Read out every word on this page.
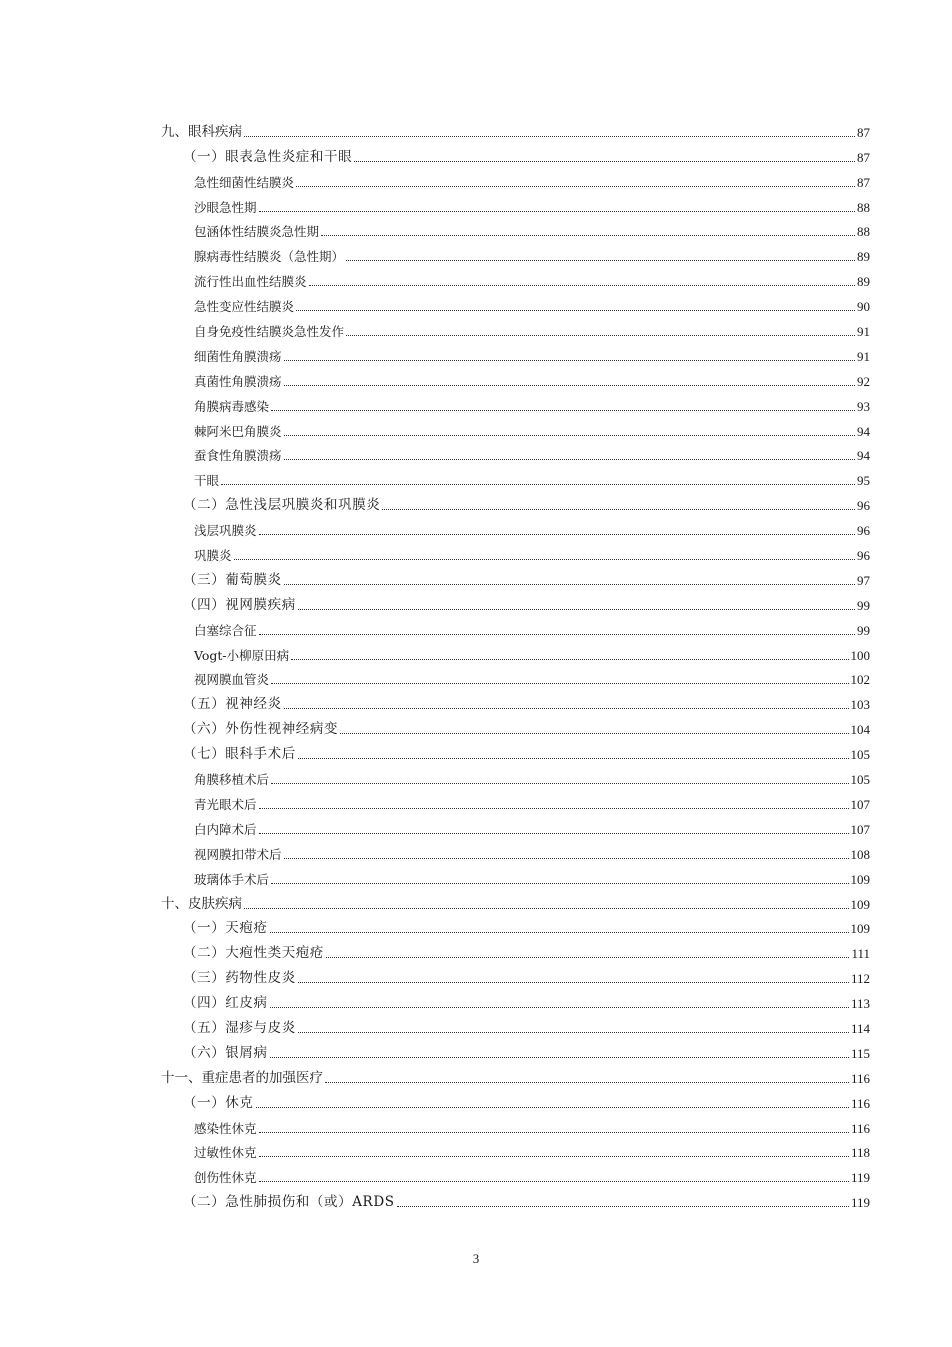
九、眼科疾病	87
（一）眼表急性炎症和干眼	87
急性细菌性结膜炎	87
沙眼急性期	88
包涵体性结膜炎急性期	88
腺病毒性结膜炎（急性期）	89
流行性出血性结膜炎	89
急性变应性结膜炎	90
自身免疫性结膜炎急性发作	91
细菌性角膜溃疡	91
真菌性角膜溃疡	92
角膜病毒感染	93
棘阿米巴角膜炎	94
蚕食性角膜溃疡	94
干眼	95
（二）急性浅层巩膜炎和巩膜炎	96
浅层巩膜炎	96
巩膜炎	96
（三）葡萄膜炎	97
（四）视网膜疾病	99
白塞综合征	99
Vogt-小柳原田病	100
视网膜血管炎	102
（五）视神经炎	103
（六）外伤性视神经病变	104
（七）眼科手术后	105
角膜移植术后	105
青光眼术后	107
白内障术后	107
视网膜扣带术后	108
玻璃体手术后	109
十、皮肤疾病	109
（一）天疱疮	109
（二）大疱性类天疱疮	111
（三）药物性皮炎	112
（四）红皮病	113
（五）湿疹与皮炎	114
（六）银屑病	115
十一、重症患者的加强医疗	116
（一）休克	116
感染性休克	116
过敏性休克	118
创伤性休克	119
（二）急性肺损伤和（或）ARDS	119
3
